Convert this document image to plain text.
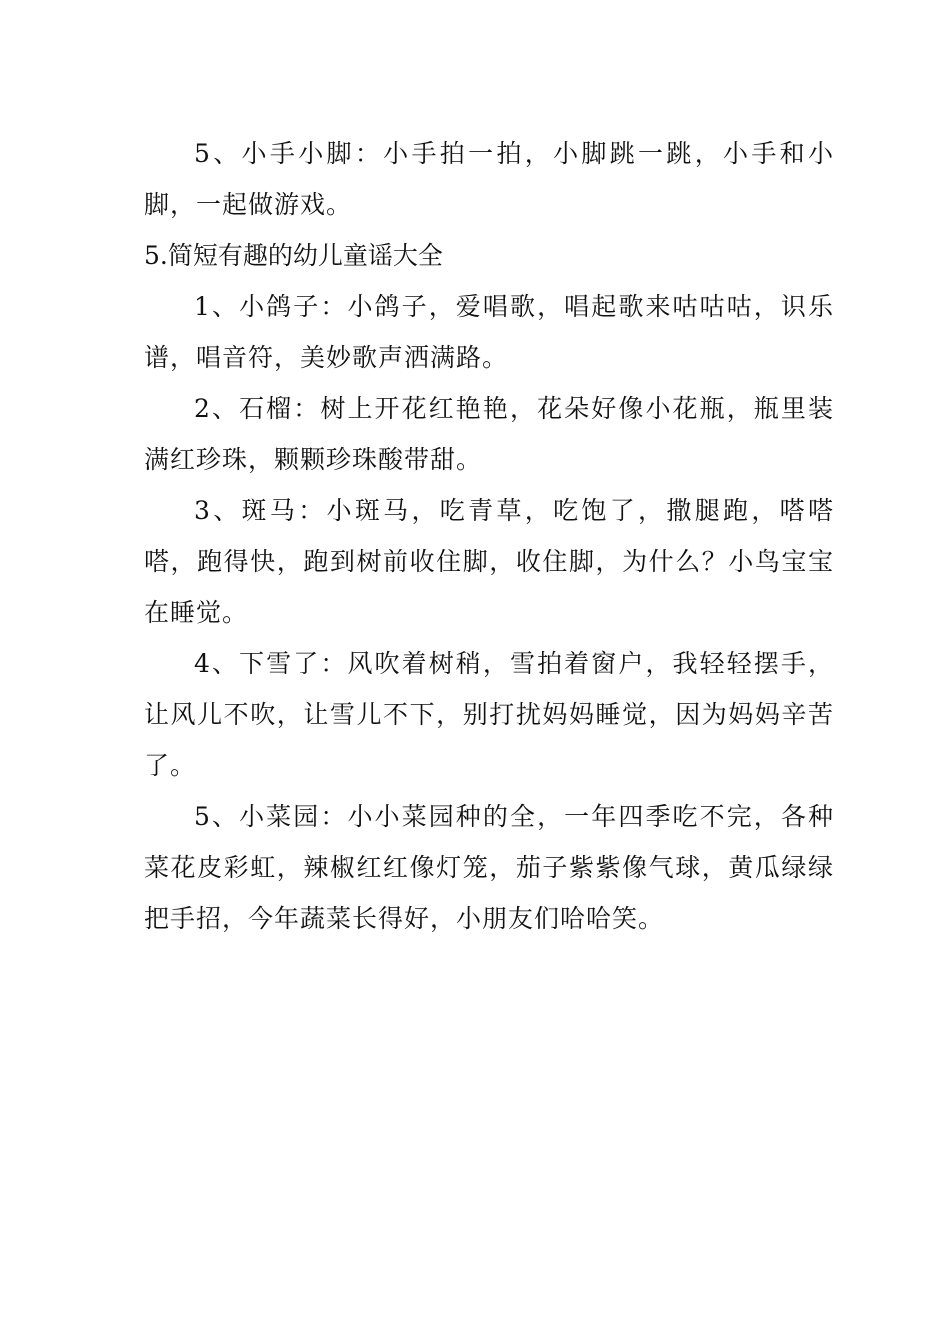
5、小手小脚：小手拍一拍，小脚跳一跳，小手和小脚，一起做游戏。

5.简短有趣的幼儿童谣大全

1、小鸽子：小鸽子，爱唱歌，唱起歌来咕咕咕，识乐谱，唱音符，美妙歌声洒满路。

2、石榴：树上开花红艳艳，花朵好像小花瓶，瓶里装满红珍珠，颗颗珍珠酸带甜。

3、斑马：小斑马，吃青草，吃饱了，撒腿跑，嗒嗒嗒，跑得快，跑到树前收住脚，收住脚，为什么？小鸟宝宝在睡觉。

4、下雪了：风吹着树稍，雪拍着窗户，我轻轻摆手，让风儿不吹，让雪儿不下，别打扰妈妈睡觉，因为妈妈辛苦了。

5、小菜园：小小菜园种的全，一年四季吃不完，各种菜花皮彩虹，辣椒红红像灯笼，茄子紫紫像气球，黄瓜绿绿把手招，今年蔬菜长得好，小朋友们哈哈笑。
